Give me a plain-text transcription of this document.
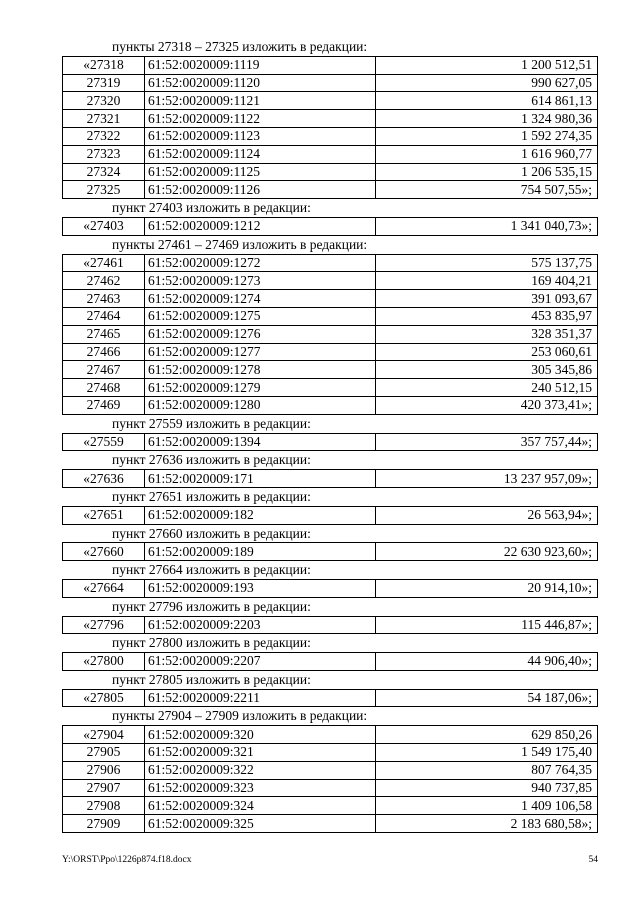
пункты 27318 – 27325 изложить в редакции:
«27318	61:52:0020009:1119	1 200 512,51
27319	61:52:0020009:1120	990 627,05
27320	61:52:0020009:1121	614 861,13
27321	61:52:0020009:1122	1 324 980,36
27322	61:52:0020009:1123	1 592 274,35
27323	61:52:0020009:1124	1 616 960,77
27324	61:52:0020009:1125	1 206 535,15
27325	61:52:0020009:1126	754 507,55»;
пункт 27403 изложить в редакции:
«27403	61:52:0020009:1212	1 341 040,73»;
пункты 27461 – 27469 изложить в редакции:
«27461	61:52:0020009:1272	575 137,75
27462	61:52:0020009:1273	169 404,21
27463	61:52:0020009:1274	391 093,67
27464	61:52:0020009:1275	453 835,97
27465	61:52:0020009:1276	328 351,37
27466	61:52:0020009:1277	253 060,61
27467	61:52:0020009:1278	305 345,86
27468	61:52:0020009:1279	240 512,15
27469	61:52:0020009:1280	420 373,41»;
пункт 27559 изложить в редакции:
«27559	61:52:0020009:1394	357 757,44»;
пункт 27636 изложить в редакции:
«27636	61:52:0020009:171	13 237 957,09»;
пункт 27651 изложить в редакции:
«27651	61:52:0020009:182	26 563,94»;
пункт 27660 изложить в редакции:
«27660	61:52:0020009:189	22 630 923,60»;
пункт 27664 изложить в редакции:
«27664	61:52:0020009:193	20 914,10»;
пункт 27796 изложить в редакции:
«27796	61:52:0020009:2203	115 446,87»;
пункт 27800 изложить в редакции:
«27800	61:52:0020009:2207	44 906,40»;
пункт 27805 изложить в редакции:
«27805	61:52:0020009:2211	54 187,06»;
пункты 27904 – 27909 изложить в редакции:
«27904	61:52:0020009:320	629 850,26
27905	61:52:0020009:321	1 549 175,40
27906	61:52:0020009:322	807 764,35
27907	61:52:0020009:323	940 737,85
27908	61:52:0020009:324	1 409 106,58
27909	61:52:0020009:325	2 183 680,58»;
Y:\ORST\Ppo\1226p874.f18.docx	54
